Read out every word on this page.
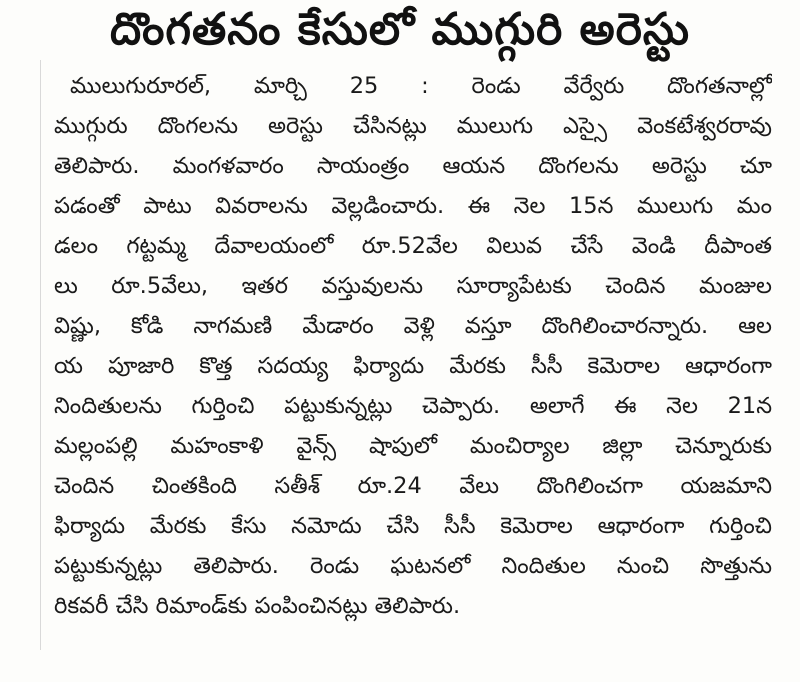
దొంగతనం కేసులో ముగ్గురి అరెస్టు
ములుగురూరల్‌, మార్చి 25 : రెండు వేర్వేరు దొంగతనాల్లో
ముగ్గురు దొంగలను అరెస్టు చేసినట్లు ములుగు ఎస్సై వెంకటేశ్వరరావు
తెలిపారు. మంగళవారం సాయంత్రం ఆయన దొంగలను అరెస్టు చూ
పడంతో పాటు వివరాలను వెల్లడించారు. ఈ నెల 15న ములుగు మం
డలం గట్టమ్మ దేవాలయంలో రూ.52వేల విలువ చేసే వెండి దీపాంత
లు రూ.5వేలు, ఇతర వస్తువులను సూర్యాపేటకు చెందిన మంజుల
విష్ణు, కోడి నాగమణి మేడారం వెళ్లి వస్తూ దొంగిలించారన్నారు. ఆల
య పూజారి కొత్త సదయ్య ఫిర్యాదు మేరకు సీసీ కెమెరాల ఆధారంగా
నిందితులను గుర్తించి పట్టుకున్నట్లు చెప్పారు. అలాగే ఈ నెల 21న
మల్లంపల్లి మహంకాళి వైన్స్‌ షాపులో మంచిర్యాల జిల్లా చెన్నూరుకు
చెందిన చింతకింది సతీశ్‌ రూ.24 వేలు దొంగిలించగా యజమాని
ఫిర్యాదు మేరకు కేసు నమోదు చేసి సీసీ కెమెరాల ఆధారంగా గుర్తించి
పట్టుకున్నట్లు తెలిపారు. రెండు ఘటనలో నిందితుల నుంచి సొత్తును
రికవరీ చేసి రిమాండ్‌కు పంపించినట్లు తెలిపారు.
